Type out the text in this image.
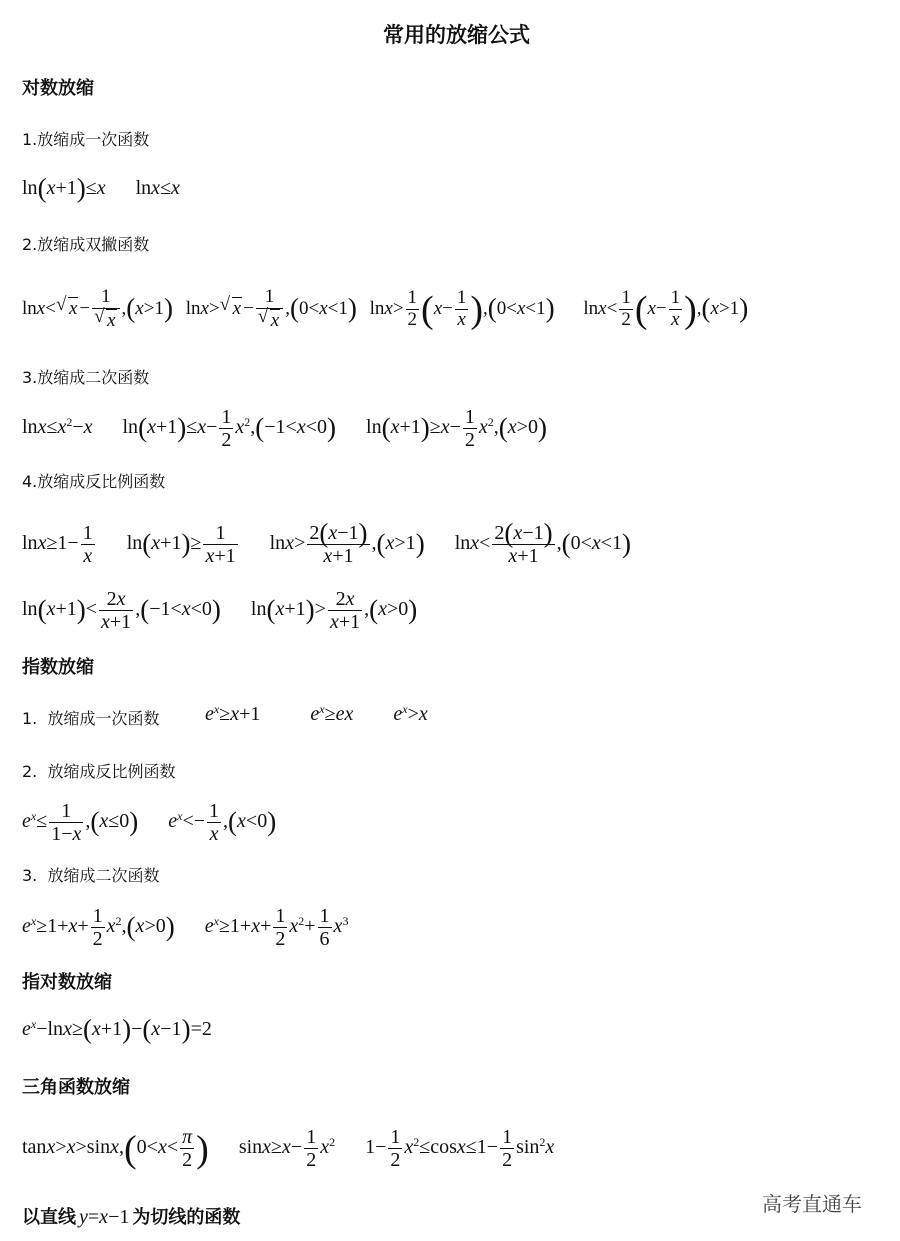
常用的放缩公式
对数放缩
1.放缩成一次函数
ln(x+1)≤x lnx≤x
2.放缩成双撇函数
lnx< √ x − 1
√ x ,(x>1) lnx> √ x − 1
√ x ,(0<x<1) $\ln x> \frac{1}{2} (x- \frac{1}{x} ),(0<x<1)$ $\ln x< \frac{1}{2} (x- \frac{1}{x} ),(x>1)$
3.放缩成二次函数
$\ln x\le x^2-x$ $\ln(x+1)\le x- \frac{1}{2} x^2,(-1<x<0)$ $\ln(x+1)\ge x- \frac{1}{2} x^2,(x>0)$
4.放缩成反比例函数
$\ln x\ge 1- \frac{1}{x} \ln(x+1)\ge \frac{1}{x+1} \ln x> \frac{2(x-1)}{x+1} ,(x>1)$ $\ln x< \frac{2(x-1)}{x+1} ,(0<x<1)$
$\ln(x+1)< \frac{2x}{x+1} ,(-1<x<0)$ $\ln(x+1)> \frac{2x}{x+1} ,(x>0)$
指数放缩
1. 放缩成一次函数 $e^x\ge x+1$	$e^x\ge ex$ $e^x>x$
2. 放缩成反比例函数
$e^x\le \frac{1}{1-x} ,(x\le 0)$ $e^x<- \frac{1}{x} ,(x<0)$
3. 放缩成二次函数
$e^x\ge 1+x+ \frac{1}{2} x^2,(x>0)$ $e^x\ge 1+x+ \frac{1}{2} x^2+ \frac{1}{6} x^3$
指对数放缩
$e^x-\ln x\ge(x+1)-(x-1)=2$
三角函数放缩
$\tan x>x>\sin x,(0<x< \frac{\pi}{2}$ ) $\sin x\ge x- \frac{1}{2} x^2$ $1- \frac{1}{2} x^2\le\cos x\le 1- \frac{1}{2} \sin^2x$
以直线 y=x−1 为切线的函数
高考直通车
